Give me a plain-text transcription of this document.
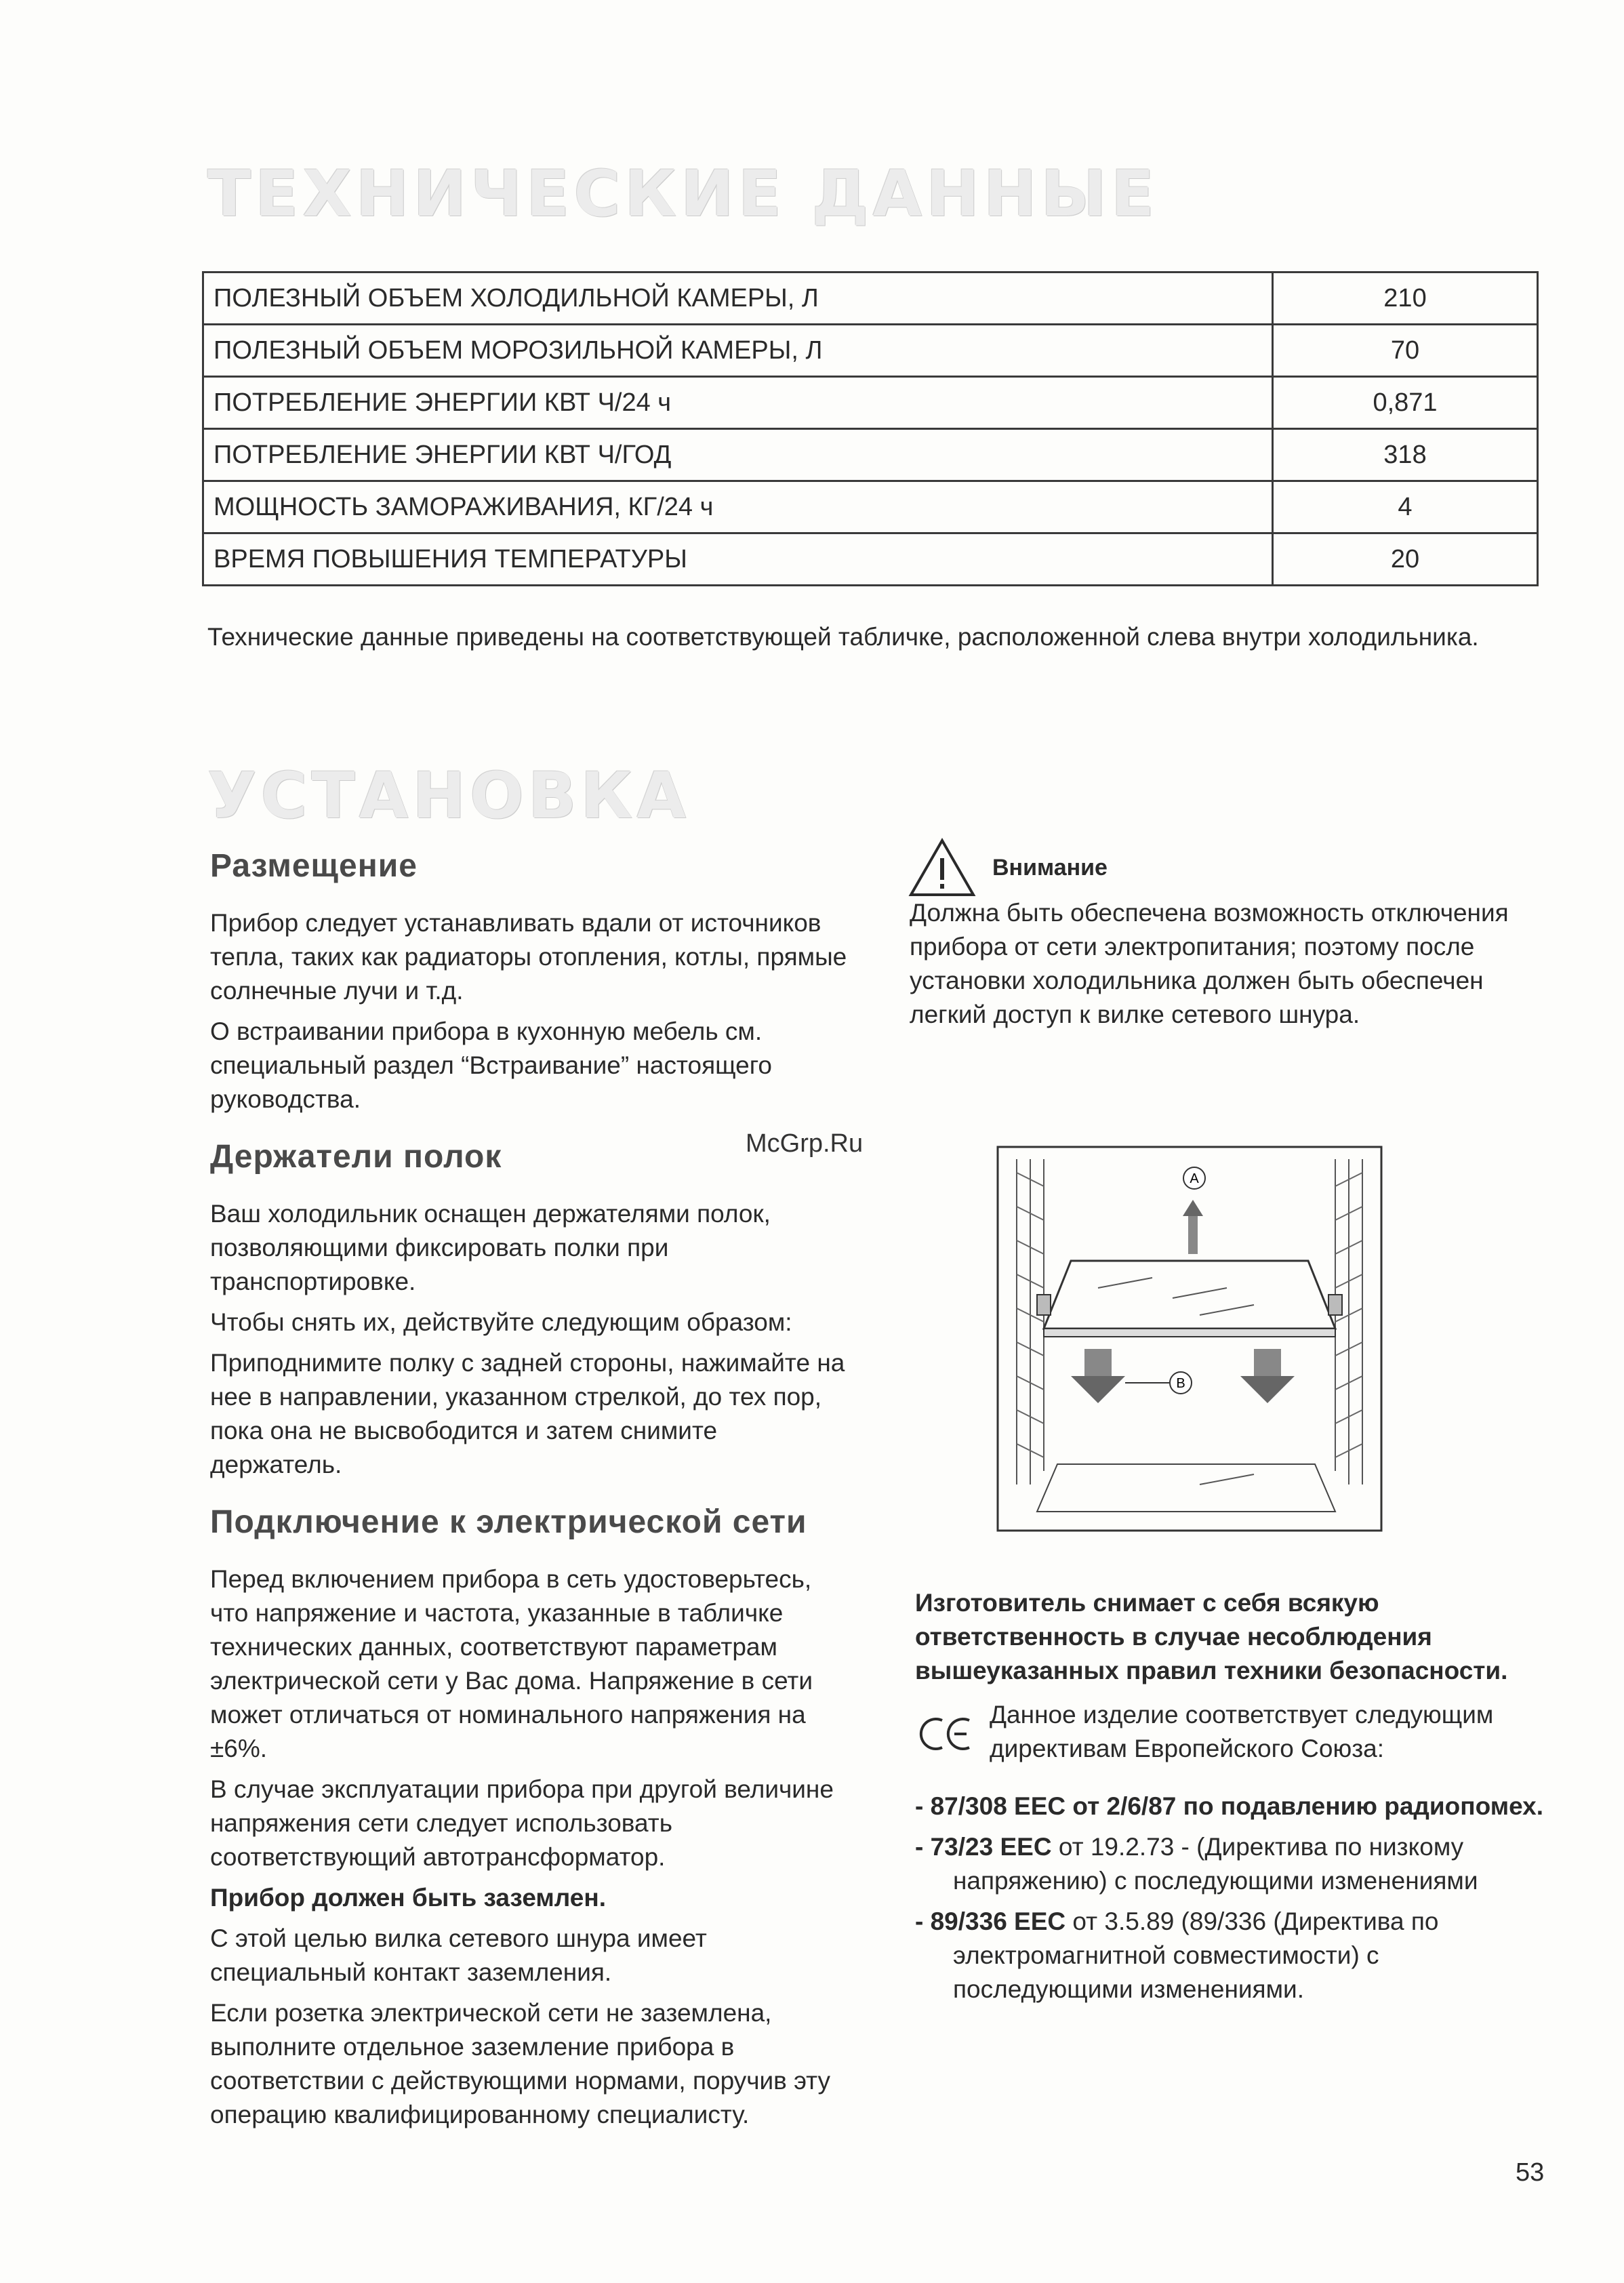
ТЕХНИЧЕСКИЕ ДАННЫЕ
ПОЛЕЗНЫЙ ОБЪЕМ ХОЛОДИЛЬНОЙ КАМЕРЫ, Л	210
ПОЛЕЗНЫЙ ОБЪЕМ МОРОЗИЛЬНОЙ КАМЕРЫ, Л	70
ПОТРЕБЛЕНИЕ ЭНЕРГИИ КВТ Ч/24 ч	0,871
ПОТРЕБЛЕНИЕ ЭНЕРГИИ КВТ Ч/ГОД	318
МОЩНОСТЬ ЗАМОРАЖИВАНИЯ, КГ/24 ч	4
ВРЕМЯ ПОВЫШЕНИЯ ТЕМПЕРАТУРЫ	20

Технические данные приведены на соответствующей табличке, расположенной слева внутри холодильника.

УСТАНОВКА
Размещение

Прибор следует устанавливать вдали от источников тепла, таких как радиаторы отопления, котлы, прямые солнечные лучи и т.д.

О встраивании прибора в кухонную мебель см. специальный раздел “Встраивание” настоящего руководства.

Держатели полок

Ваш холодильник оснащен держателями полок, позволяющими фиксировать полки при транспортировке.

Чтобы снять их, действуйте следующим образом:

Приподнимите полку с задней стороны, нажимайте на нее в направлении, указанном стрелкой, до тех пор, пока она не высвободится и затем снимите держатель.

Подключение к электрической сети

Перед включением прибора в сеть удостоверьтесь, что напряжение и частота, указанные в табличке технических данных, соответствуют параметрам электрической сети у Вас дома. Напряжение в сети может отличаться от номинального напряжения на ±6%.

В случае эксплуатации прибора при другой величине напряжения сети следует использовать соответствующий автотрансформатор.

Прибор должен быть заземлен.

С этой целью вилка сетевого шнура имеет специальный контакт заземления.

Если розетка электрической сети не заземлена, выполните отдельное заземление прибора в соответствии с действующими нормами, поручив эту операцию квалифицированному специалисту.

Внимание

Должна быть обеспечена возможность отключения прибора от сети электропитания; поэтому после установки холодильника должен быть обеспечен легкий доступ к вилке сетевого шнура.

McGrp.Ru
A
B

Изготовитель снимает с себя всякую ответственность в случае несоблюдения вышеуказанных правил техники безопасности.

Данное изделие соответствует следующим директивам Европейского Союза:

- 87/308 EEC от 2/6/87 по подавлению радиопомех.

- 73/23 EEC от 19.2.73 - (Директива по низкому напряжению) с последующими изменениями

- 89/336 EEC от 3.5.89 (89/336 (Директива по электромагнитной совместимости) с последующими изменениями.

53
